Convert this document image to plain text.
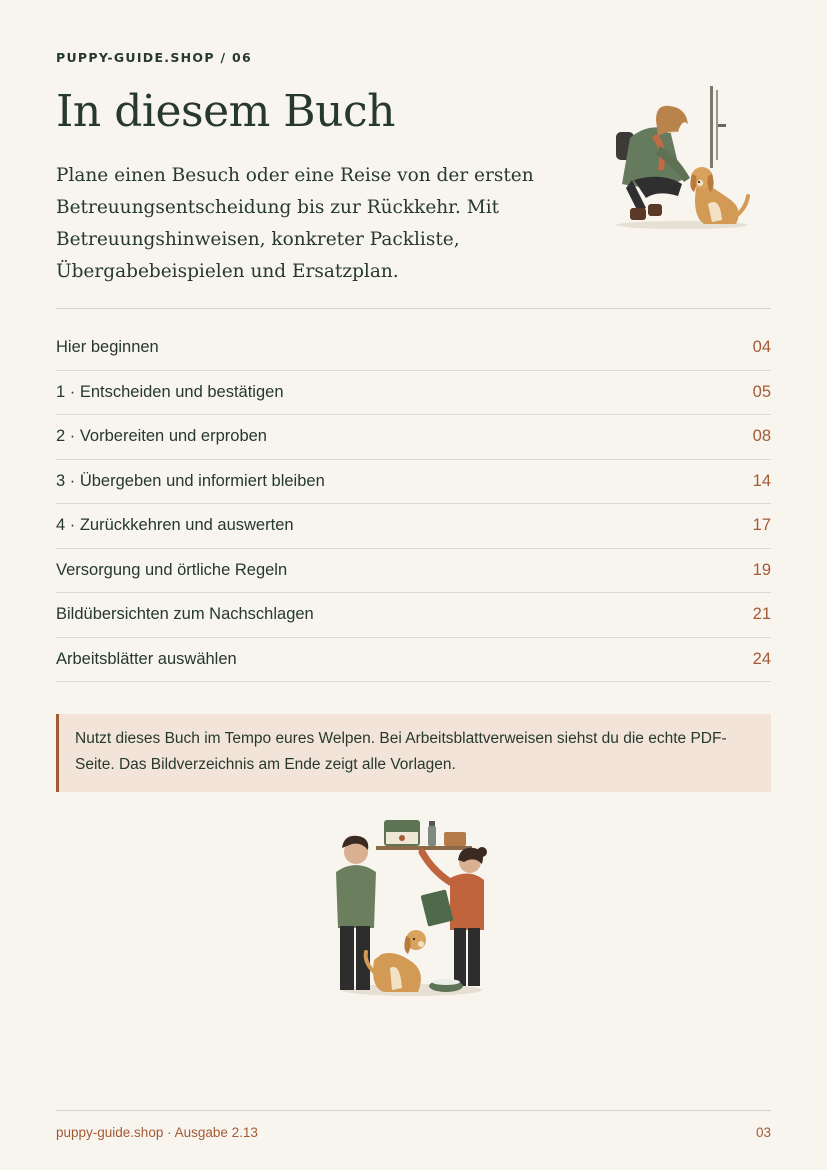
PUPPY-GUIDE.SHOP / 06
In diesem Buch

Plane einen Besuch oder eine Reise von der ersten Betreuungsentscheidung bis zur Rückkehr. Mit Betreuungshinweisen, konkreter Packliste, Übergabebeispielen und Ersatzplan.

Hier beginnen	04
1 · Entscheiden und bestätigen	05
2 · Vorbereiten und erproben	08
3 · Übergeben und informiert bleiben	14
4 · Zurückkehren und auswerten	17
Versorgung und örtliche Regeln	19
Bildübersichten zum Nachschlagen	21
Arbeitsblätter auswählen	24
Nutzt dieses Buch im Tempo eures Welpen. Bei Arbeitsblattverweisen siehst du die echte PDF-Seite. Das Bildverzeichnis am Ende zeigt alle Vorlagen.
puppy-guide.shop · Ausgabe 2.13	03
